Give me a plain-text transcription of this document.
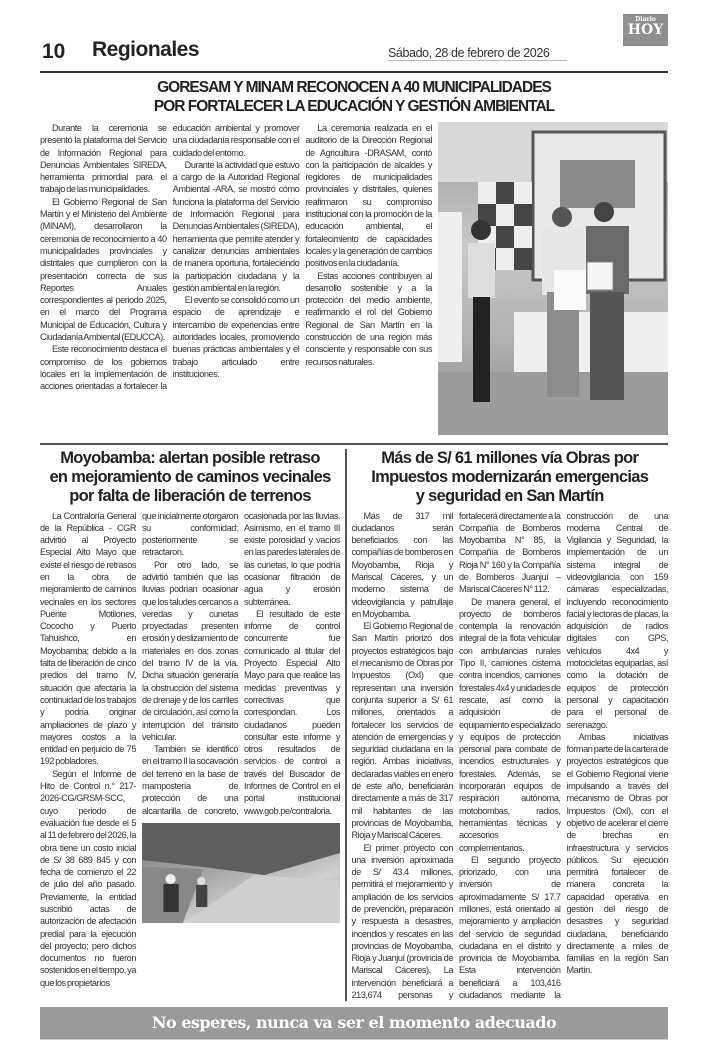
10 Regionales	Sábado, 28 de febrero de 2026
Diario
HOY
GORESAM Y MINAM RECONOCEN A 40 MUNICIPALIDADES
POR FORTALECER LA EDUCACIÓN Y GESTIÓN AMBIENTAL

Durante la ceremonia se presentó la plataforma del Servicio de Información Regional para Denuncias Ambientales SIREDA, herramienta primordial para el trabajo de las municipalidades.

El Gobierno Regional de San Martín y el Ministerio del Ambiente (MINAM), desarrollaron la ceremonia de reconocimiento a 40 municipalidades provinciales y distritales que cumplieron con la presentación correcta de sus Reportes Anuales correspondientes al periodo 2025, en el marco del Programa Municipal de Educación, Cultura y Ciudadanía Ambiental (EDUCCA).

Este reconocimiento destaca el compromiso de los gobiernos locales en la implementación de acciones orientadas a fortalecer la educación ambiental y promover una ciudadanía responsable con el cuidado del entorno.

Durante la actividad que estuvo a cargo de la Autoridad Regional Ambiental -ARA, se mostró cómo funciona la plataforma del Servicio de Información Regional para Denuncias Ambientales (SIREDA), herramienta que permite atender y canalizar denuncias ambientales de manera oportuna, fortaleciendo la participación ciudadana y la gestión ambiental en la región.

El evento se consolidó como un espacio de aprendizaje e intercambio de experiencias entre autoridades locales, promoviendo buenas prácticas ambientales y el trabajo articulado entre instituciones.

La ceremonia realizada en el auditorio de la Dirección Regional de Agricultura -DRASAM, contó con la participación de alcaldes y regidores de municipalidades provinciales y distritales, quienes reafirmaron su compromiso institucional con la promoción de la educación ambiental, el fortalecimiento de capacidades locales y la generación de cambios positivos en la ciudadanía.

Estas acciones contribuyen al desarrollo sostenible y a la protección del medio ambiente, reafirmando el rol del Gobierno Regional de San Martín en la construcción de una región más consciente y responsable con sus recursos naturales.

Moyobamba: alertan posible retraso
en mejoramiento de caminos vecinales
por falta de liberación de terrenos

La Contraloría General de la República - CGR advirtió al Proyecto Especial Alto Mayo que existe el riesgo de retrasos en la obra de mejoramiento de caminos vecinales en los sectores Puente Motilones, Cococho y Puerto Tahuishco, en Moyobamba; debido a la falta de liberación de cinco predios del tramo IV, situación que afectaría la continuidad de los trabajos y podría originar ampliaciones de plazo y mayores costos a la entidad en perjuicio de 75 192 pobladores.

Según el Informe de Hito de Control n.° 217-2026-CG/GRSM-SCC, cuyo periodo de evaluación fue desde el 5 al 11 de febrero del 2026, la obra tiene un costo inicial de S/ 38 689 845 y con fecha de comienzo el 22 de julio del año pasado. Previamente, la entidad suscribió actas de autorización de afectación predial para la ejecución del proyecto; pero dichos documentos no fueron sostenidos en el tiempo, ya que los propietarios

que inicialmente otorgaron su conformidad; posteriormente se retractaron.

Por otro lado, se advirtió también que las lluvias podrían ocasionar que los taludes cercanos a veredas y cunetas proyectadas presenten erosión y deslizamiento de materiales en dos zonas del tramo IV de la vía. Dicha situación generaría la obstrucción del sistema de drenaje y de los carriles de circulación, así como la interrupción del tránsito vehicular.

También se identificó en el tramo II la socavación del terreno en la base de mampostería de protección de una alcantarilla de concreto, ocasionada por las lluvias. Asimismo, en el tramo III existe porosidad y vacíos en las paredes laterales de las cunetas, lo que podría ocasionar filtración de agua y erosión subterránea.

El resultado de este informe de control concurrente fue comunicado al titular del Proyecto Especial Alto Mayo para que realice las medidas preventivas y correctivas que correspondan. Los ciudadanos pueden consultar este informe y otros resultados de servicios de control a través del Buscador de Informes de Control en el portal institucional www.gob.pe/contraloria.

Más de S/ 61 millones vía Obras por
Impuestos modernizarán emergencias
y seguridad en San Martín

Más de 317 mil ciudadanos serán beneficiados con las compañías de bomberos en Moyobamba, Rioja y Mariscal Cáceres, y un moderno sistema de videovigilancia y patrullaje en Moyobamba.

El Gobierno Regional de San Martín priorizó dos proyectos estratégicos bajo el mecanismo de Obras por Impuestos (OxI) que representan una inversión conjunta superior a S/ 61 millones, orientados a fortalecer los servicios de atención de emergencias y seguridad ciudadana en la región. Ambas iniciativas, declaradas viables en enero de este año, beneficiarán directamente a más de 317 mil habitantes de las provincias de Moyobamba, Rioja y Mariscal Cáceres.

El primer proyecto con una inversión aproximada de S/ 43.4 millones, permitirá el mejoramiento y ampliación de los servicios de prevención, preparación y respuesta a desastres, incendios y rescates en las provincias de Moyobamba, Rioja y Juanjuí (provincia de Mariscal Cáceres). La intervención beneficiará a 213,674 personas y fortalecerá directamente a la Compañía de Bomberos Moyobamba N° 85, la Compañía de Bomberos Rioja N° 160 y la Compañía de Bomberos Juanjuí – Mariscal Cáceres N° 112.

De manera general, el proyecto de bomberos contempla la renovación integral de la flota vehicular con ambulancias rurales Tipo II, camiones cisterna contra incendios, camiones forestales 4x4 y unidades de rescate, así como la adquisición de equipamiento especializado y equipos de protección personal para combate de incendios estructurales y forestales. Además, se incorporarán equipos de respiración autónoma, motobombas, radios, herramientas técnicas y accesorios complementarios.

El segundo proyecto priorizado, con una inversión de aproximadamente S/ 17.7 millones, está orientado al mejoramiento y ampliación del servicio de seguridad ciudadana en el distrito y provincia de Moyobamba. Esta intervención beneficiará a 103,416 ciudadanos mediante la construcción de una moderna Central de Vigilancia y Seguridad, la implementación de un sistema integral de videovigilancia con 159 cámaras especializadas, incluyendo reconocimiento facial y lectoras de placas, la adquisición de radios digitales con GPS, vehículos 4x4 y motocicletas equipadas, así como la dotación de equipos de protección personal y capacitación para el personal de serenazgo.

Ambas iniciativas forman parte de la cartera de proyectos estratégicos que el Gobierno Regional viene impulsando a través del mecanismo de Obras por Impuestos (OxI), con el objetivo de acelerar el cierre de brechas en infraestructura y servicios públicos. Su ejecución permitirá fortalecer de manera concreta la capacidad operativa en gestión del riesgo de desastres y seguridad ciudadana, beneficiando directamente a miles de familias en la región San Martín.

No esperes, nunca va ser el momento adecuado
